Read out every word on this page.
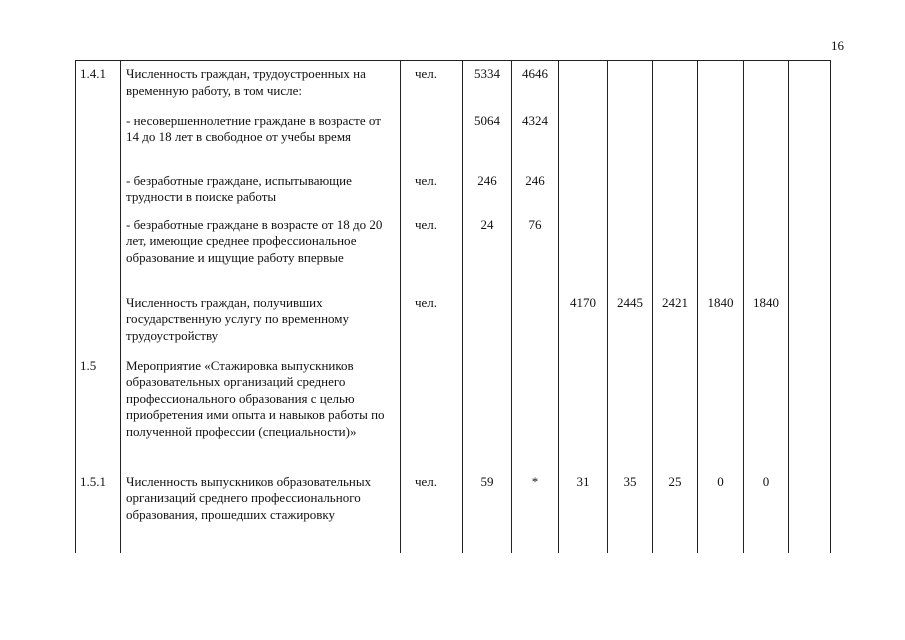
16
1.4.1	Численность граждан, трудоустроенных на временную работу, в том числе:	чел.	5334	4646						
	- несовершеннолетние граждане в возрасте от 14 до 18 лет в свободное от учебы время		5064	4324						
	- безработные граждане, испытывающие трудности в поиске работы	чел.	246	246						
	- безработные граждане в возрасте от 18 до 20 лет, имеющие среднее профессиональное образование и ищущие работу впервые	чел.	24	76						
	Численность граждан, получивших государственную услугу по временному трудоустройству	чел.			4170	2445	2421	1840	1840	
1.5	Мероприятие «Стажировка выпускников образовательных организаций среднего профессионального образования с целью приобретения ими опыта и навыков работы по полученной профессии (специальности)»									
1.5.1	Численность выпускников образовательных организаций среднего профессионального образования, прошедших стажировку	чел.	59	*	31	35	25	0	0	
